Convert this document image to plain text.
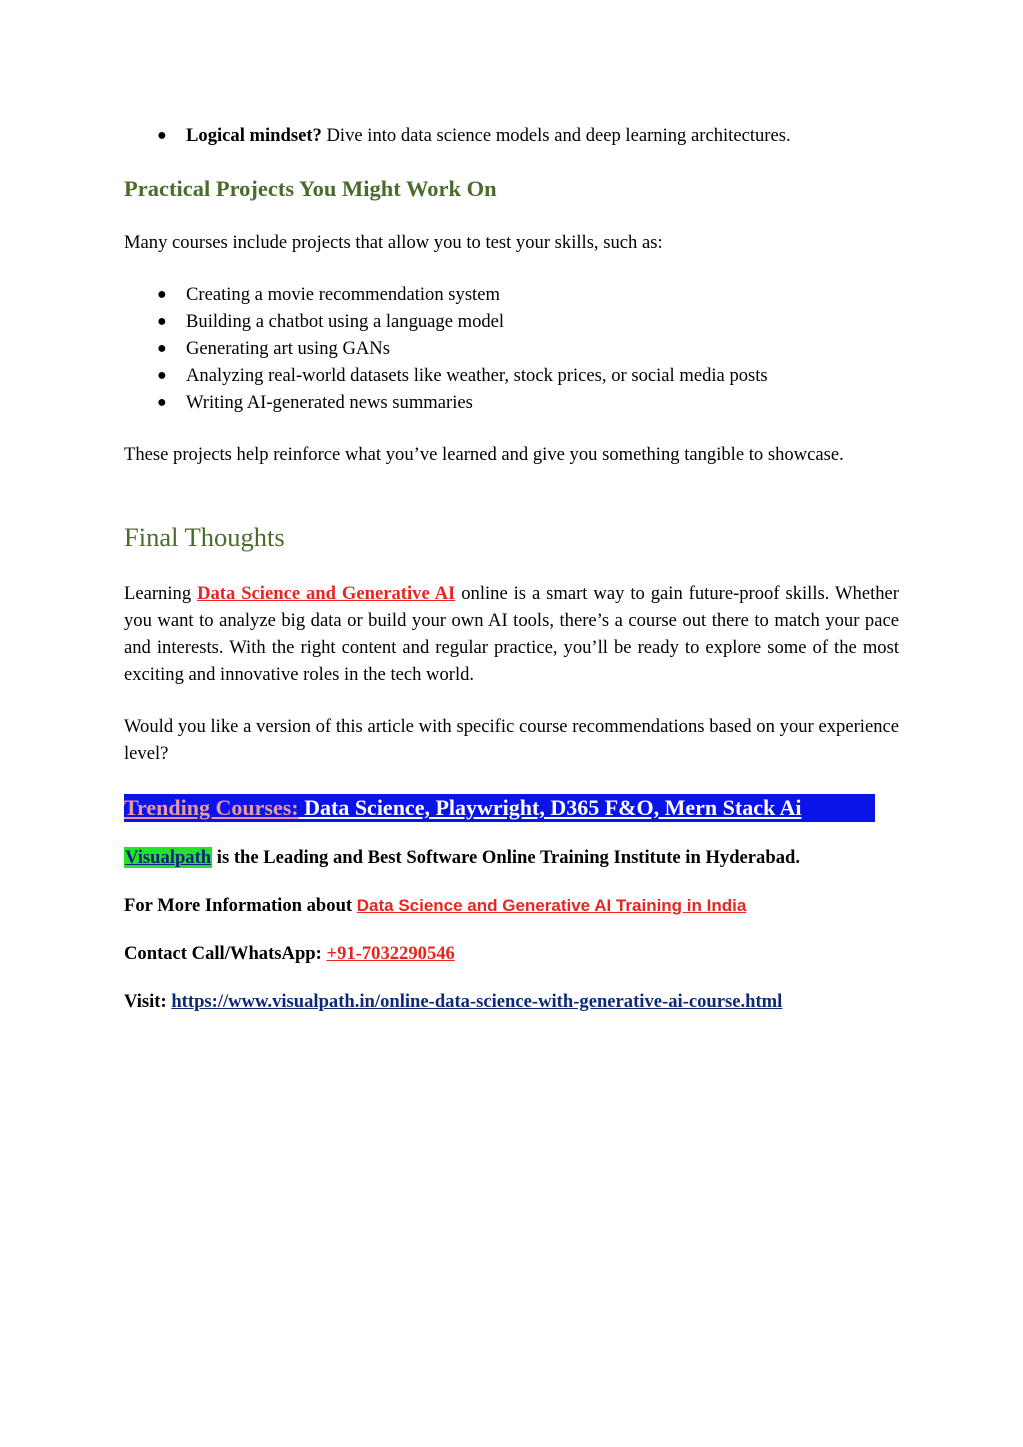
● Logical mindset? Dive into data science models and deep learning architectures.
Practical Projects You Might Work On
Many courses include projects that allow you to test your skills, such as:
● Creating a movie recommendation system
● Building a chatbot using a language model
● Generating art using GANs
● Analyzing real-world datasets like weather, stock prices, or social media posts
● Writing AI-generated news summaries
These projects help reinforce what you’ve learned and give you something tangible to showcase.
Final Thoughts
Learning Data Science and Generative AI online is a smart way to gain future-proof skills. Whether you want to analyze big data or build your own AI tools, there’s a course out there to match your pace and interests. With the right content and regular practice, you’ll be ready to explore some of the most exciting and innovative roles in the tech world.
Would you like a version of this article with specific course recommendations based on your experience level?
Trending Courses: Data Science, Playwright, D365 F&O, Mern Stack Ai
Visualpath is the Leading and Best Software Online Training Institute in Hyderabad.
For More Information about Data Science and Generative AI Training in India
Contact Call/WhatsApp: +91-7032290546
Visit: https://www.visualpath.in/online-data-science-with-generative-ai-course.html
